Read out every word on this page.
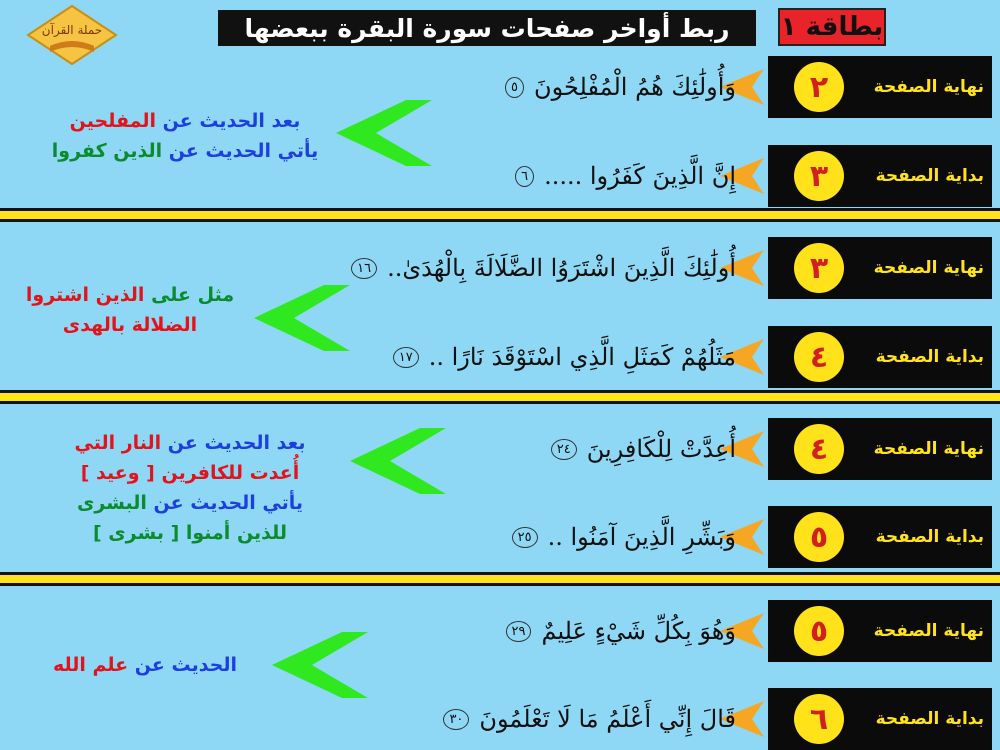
حملة القرآن	ربط أواخر صفحات سورة البقرة ببعضها	بطاقة ١
٢	نهاية الصفحة
وَأُولَٰئِكَ هُمُ الْمُفْلِحُونَ
٥
٣	بداية الصفحة
إِنَّ الَّذِينَ كَفَرُوا .....
٦
بعد الحديث عن المفلحين
يأتي الحديث عن الذين كفروا
٣	نهاية الصفحة
أُولَٰئِكَ الَّذِينَ اشْتَرَوُا الضَّلَالَةَ بِالْهُدَىٰ..
١٦
٤	بداية الصفحة
مَثَلُهُمْ كَمَثَلِ الَّذِي اسْتَوْقَدَ نَارًا ..
١٧
مثل على الذين اشتروا
الضلالة بالهدى
٤	نهاية الصفحة
أُعِدَّتْ لِلْكَافِرِينَ
٢٤
٥	بداية الصفحة
وَبَشِّرِ الَّذِينَ آمَنُوا ..
٢٥
بعد الحديث عن النار التي
أُعدت للكافرين [ وعيد ]
يأتي الحديث عن البشرى
للذين أمنوا [ بشرى ]
٥	نهاية الصفحة
وَهُوَ بِكُلِّ شَيْءٍ عَلِيمٌ
٢٩
٦	بداية الصفحة
قَالَ إِنِّي أَعْلَمُ مَا لَا تَعْلَمُونَ
٣٠
الحديث عن علم الله
